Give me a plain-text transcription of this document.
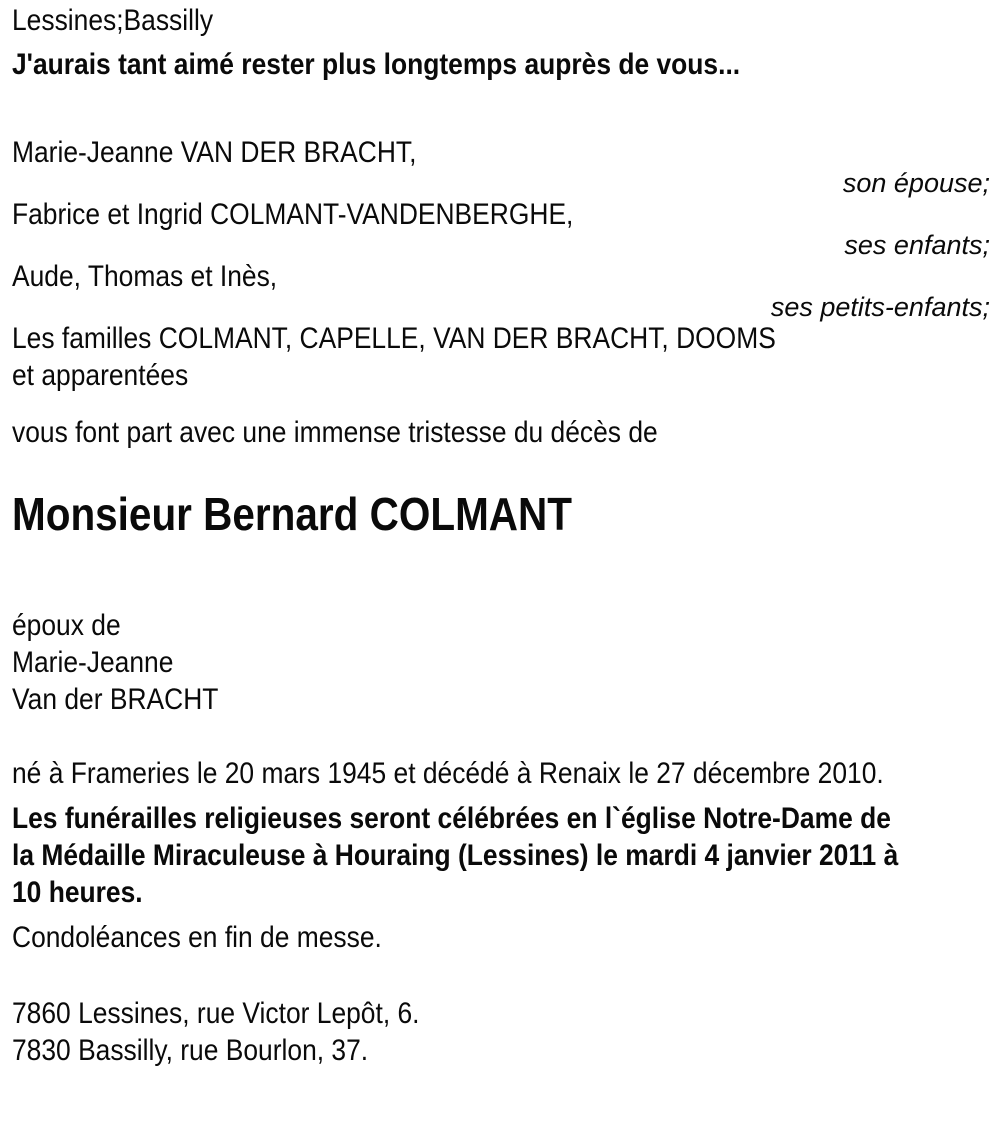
Lessines;Bassilly
J'aurais tant aimé rester plus longtemps auprès de vous...
Marie-Jeanne VAN DER BRACHT,
son épouse;
Fabrice et Ingrid COLMANT-VANDENBERGHE,
ses enfants;
Aude, Thomas et Inès,
ses petits-enfants;
Les familles COLMANT, CAPELLE, VAN DER BRACHT, DOOMS
et apparentées
vous font part avec une immense tristesse du décès de
Monsieur Bernard COLMANT
époux de
Marie-Jeanne
Van der BRACHT
né à Frameries le 20 mars 1945 et décédé à Renaix le 27 décembre 2010.
Les funérailles religieuses seront célébrées en l`église Notre-Dame de
la Médaille Miraculeuse à Houraing (Lessines) le mardi 4 janvier 2011 à
10 heures.
Condoléances en fin de messe.
7860 Lessines, rue Victor Lepôt, 6.
7830 Bassilly, rue Bourlon, 37.
